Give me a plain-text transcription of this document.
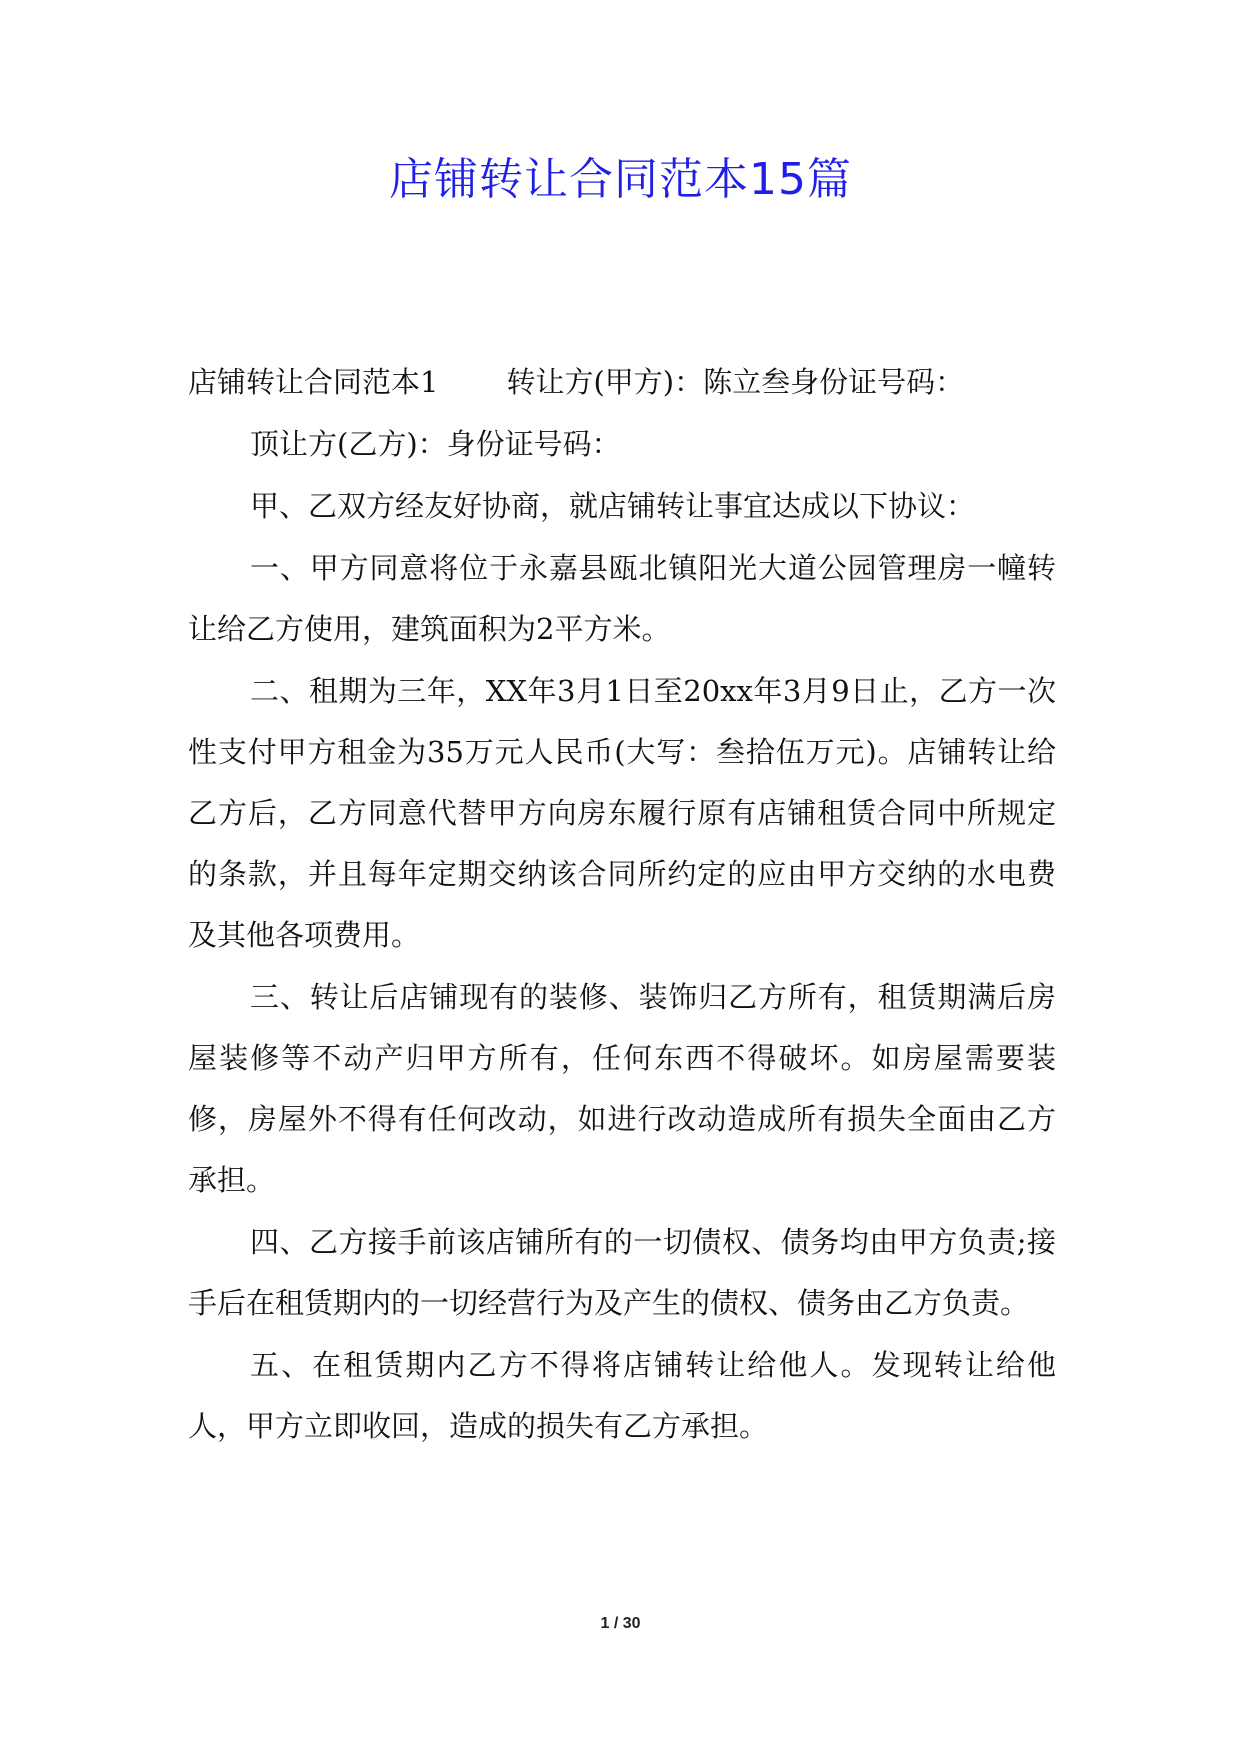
店铺转让合同范本15篇

店铺转让合同范本1 转让方(甲方)：陈立叁身份证号码：

顶让方(乙方)：身份证号码：

甲、乙双方经友好协商，就店铺转让事宜达成以下协议：

一、甲方同意将位于永嘉县瓯北镇阳光大道公园管理房一幢转让给乙方使用，建筑面积为2平方米。

二、租期为三年，XX年3月1日至20xx年3月9日止，乙方一次性支付甲方租金为35万元人民币(大写：叁拾伍万元)。店铺转让给乙方后，乙方同意代替甲方向房东履行原有店铺租赁合同中所规定的条款，并且每年定期交纳该合同所约定的应由甲方交纳的水电费及其他各项费用。

三、转让后店铺现有的装修、装饰归乙方所有，租赁期满后房屋装修等不动产归甲方所有，任何东西不得破坏。如房屋需要装修，房屋外不得有任何改动，如进行改动造成所有损失全面由乙方承担。

四、乙方接手前该店铺所有的一切债权、债务均由甲方负责;接手后在租赁期内的一切经营行为及产生的债权、债务由乙方负责。

五、在租赁期内乙方不得将店铺转让给他人。发现转让给他人，甲方立即收回，造成的损失有乙方承担。

1 / 30
